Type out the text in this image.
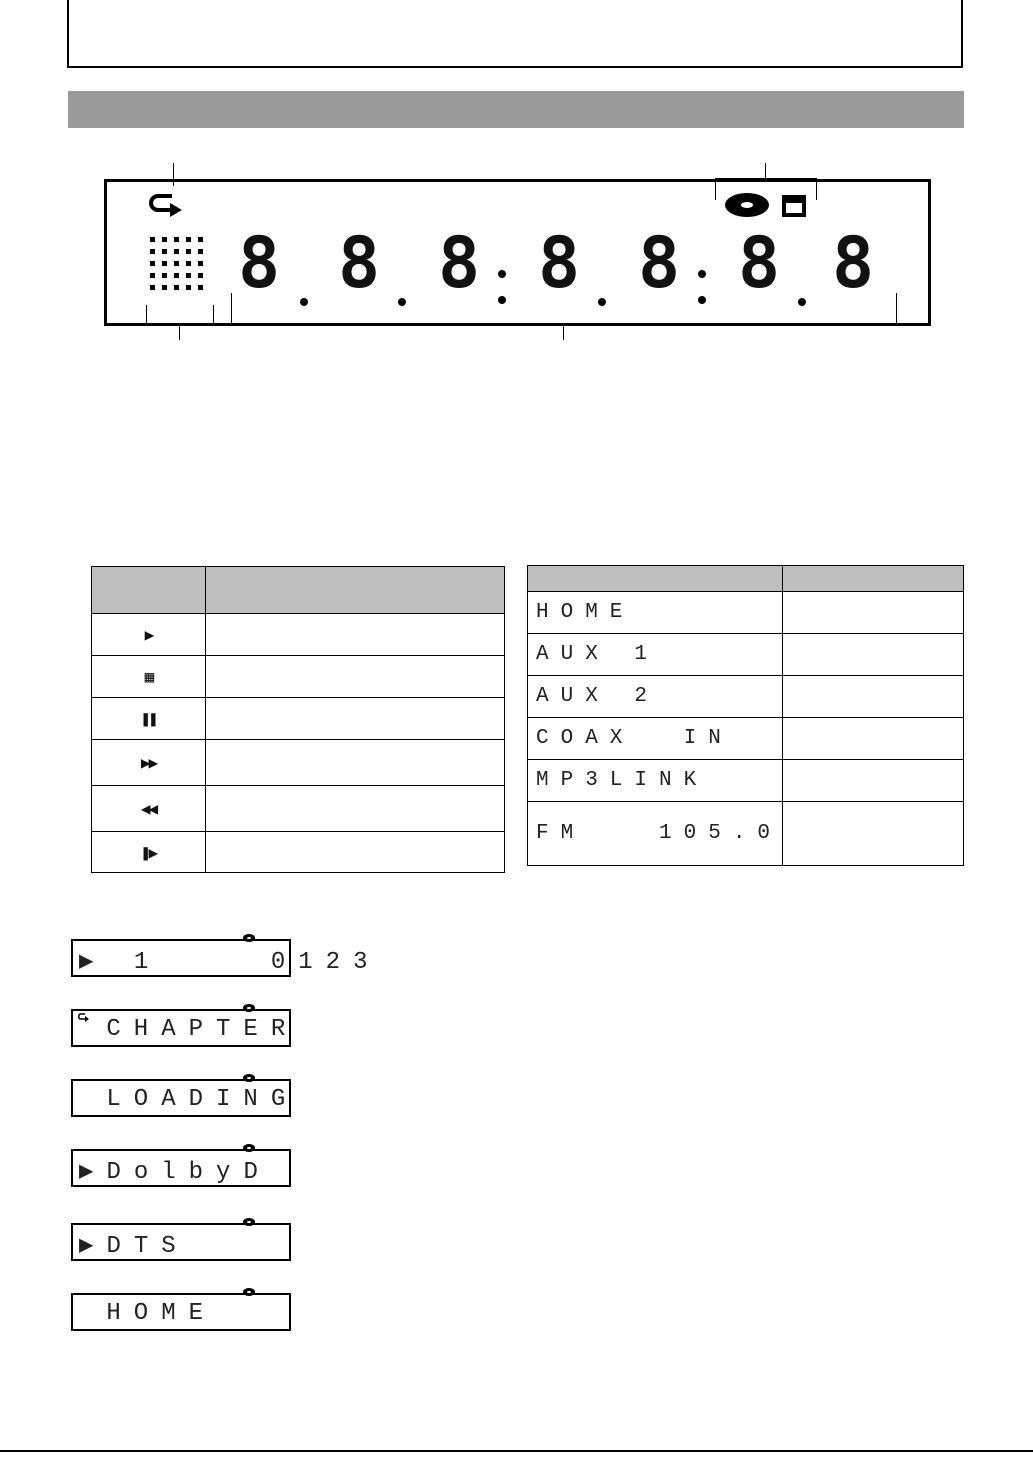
8 8 8 8 8 8 8

▶	
▦	
❚❚	
▶▶	
◀◀	
❚▶	

HOME	
AUX 1	
AUX 2	
COAX  IN	
MP3LINK	
FM   105.0	
▶ 1    0123
CHAPTER
LOADING
▶DolbyD
▶DTS
HOME
